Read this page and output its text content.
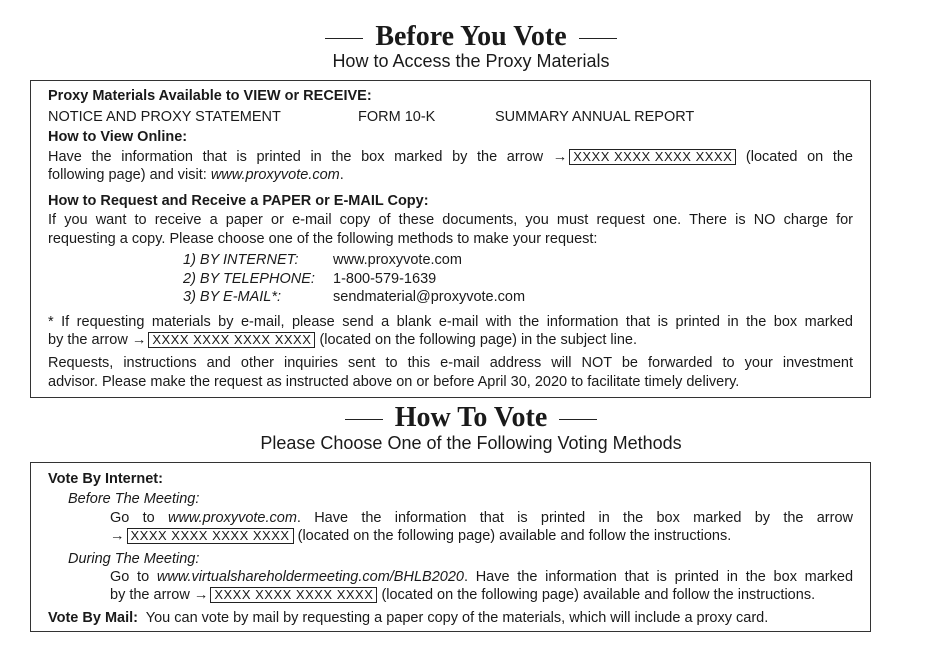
Before You Vote
How to Access the Proxy Materials
Proxy Materials Available to VIEW or RECEIVE:
NOTICE AND PROXY STATEMENT	FORM 10-K	SUMMARY ANNUAL REPORT
How to View Online:
Have the information that is printed in the box marked by the arrow → XXXX XXXX XXXX XXXX (located on the
following page) and visit: www.proxyvote.com.
How to Request and Receive a PAPER or E-MAIL Copy:
If you want to receive a paper or e-mail copy of these documents, you must request one. There is NO charge for
requesting a copy. Please choose one of the following methods to make your request:
1) BY INTERNET: www.proxyvote.com
2) BY TELEPHONE: 1-800-579-1639
3) BY E-MAIL*:	sendmaterial@proxyvote.com
* If requesting materials by e-mail, please send a blank e-mail with the information that is printed in the box marked
by the arrow → XXXX XXXX XXXX XXXX (located on the following page) in the subject line.
Requests, instructions and other inquiries sent to this e-mail address will NOT be forwarded to your investment
advisor. Please make the request as instructed above on or before April 30, 2020 to facilitate timely delivery.
How To Vote
Please Choose One of the Following Voting Methods
Vote By Internet:
Before The Meeting:
Go to www.proxyvote.com. Have the information that is printed in the box marked by the arrow
→ XXXX XXXX XXXX XXXX (located on the following page) available and follow the instructions.
During The Meeting:
Go to www.virtualshareholdermeeting.com/BHLB2020. Have the information that is printed in the box marked
by the arrow → XXXX XXXX XXXX XXXX (located on the following page) available and follow the instructions.
Vote By Mail: You can vote by mail by requesting a paper copy of the materials, which will include a proxy card.
